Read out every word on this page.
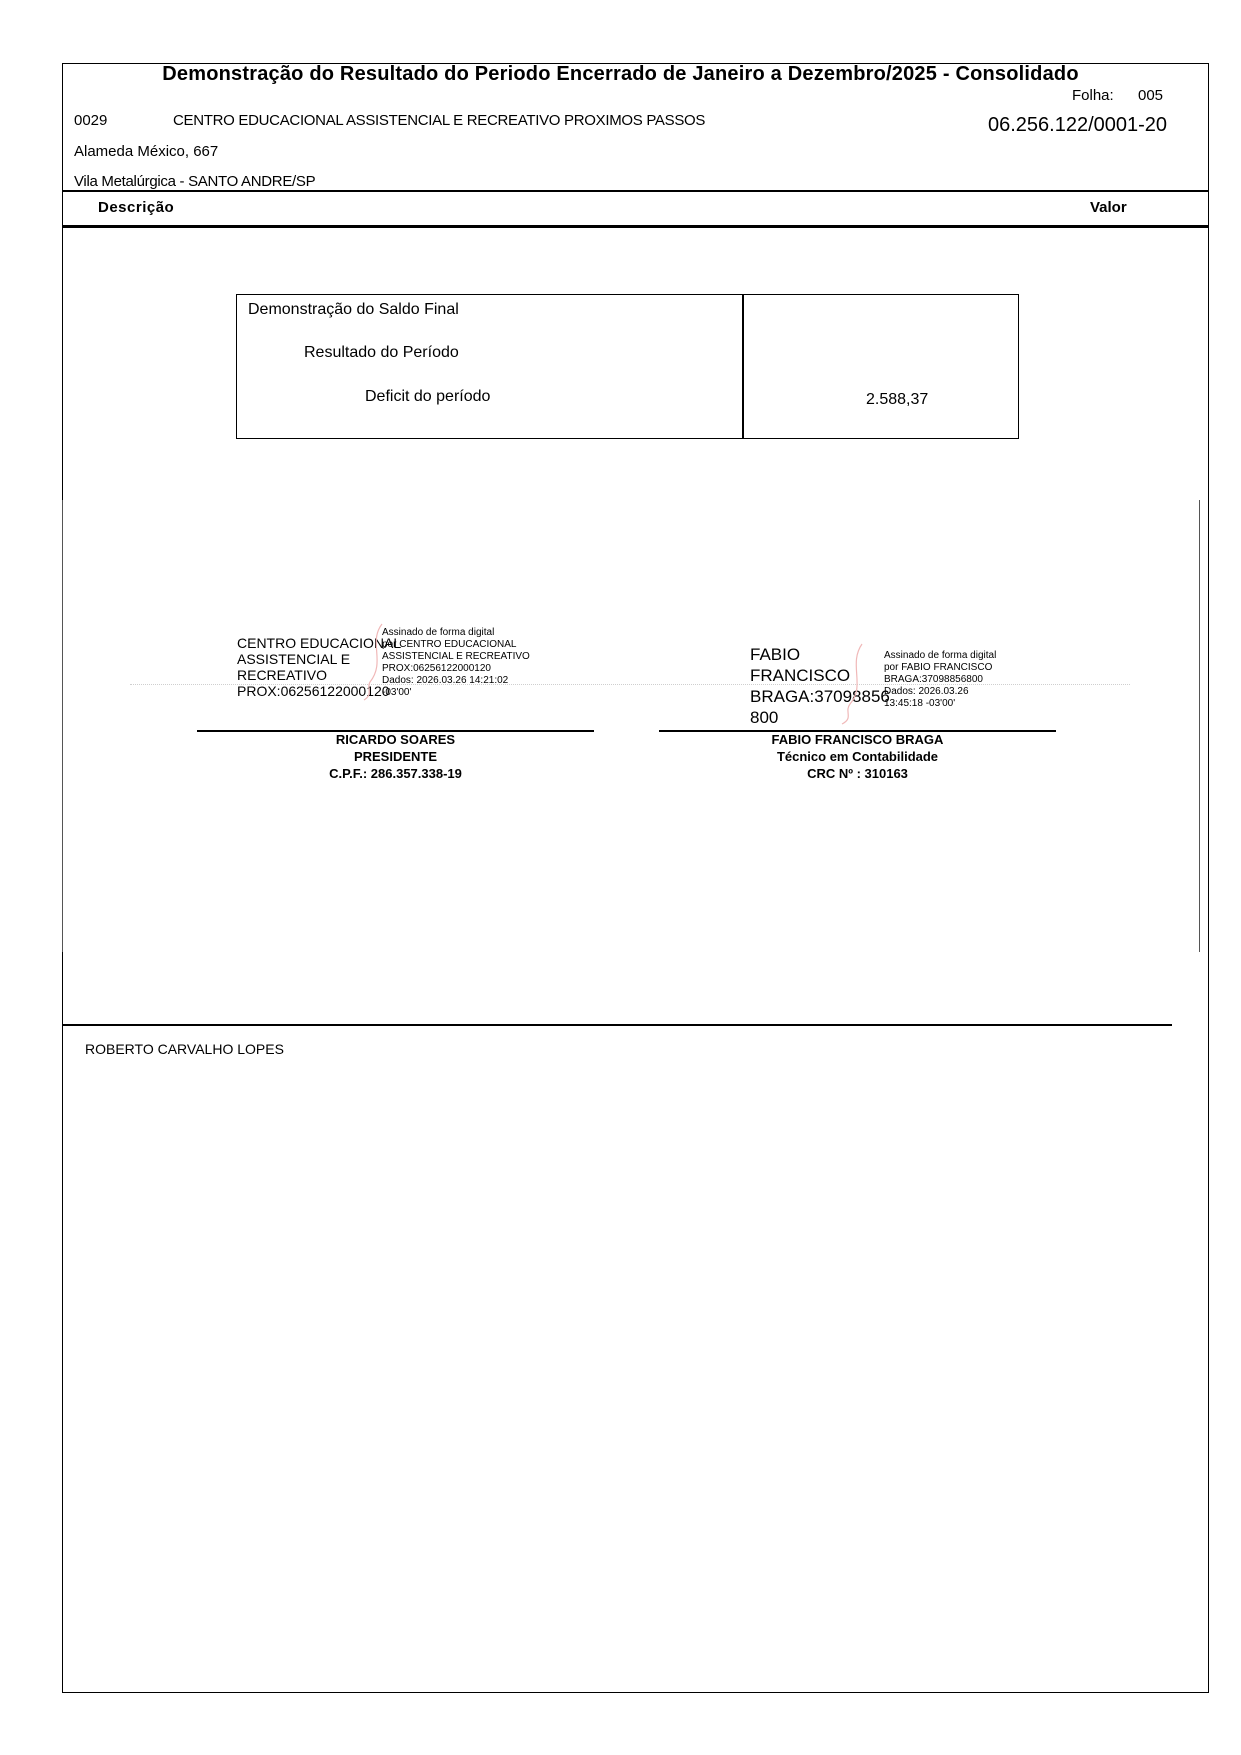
Demonstração do Resultado do Periodo Encerrado de Janeiro a Dezembro/2025 - Consolidado
Folha: 005
0029	CENTRO EDUCACIONAL ASSISTENCIAL E RECREATIVO PROXIMOS PASSOS	06.256.122/0001-20
Alameda México, 667
Vila Metalúrgica - SANTO ANDRE/SP
Descrição	Valor
Demonstração do Saldo Final
Resultado do Período
Deficit do período	2.588,37
CENTRO EDUCACIONAL
ASSISTENCIAL E
RECREATIVO
PROX:06256122000120
Assinado de forma digital
por CENTRO EDUCACIONAL
ASSISTENCIAL E RECREATIVO
PROX:06256122000120
Dados: 2026.03.26 14:21:02
-03'00'
FABIO
FRANCISCO
BRAGA:37098856
800
Assinado de forma digital
por FABIO FRANCISCO
BRAGA:37098856800
Dados: 2026.03.26
13:45:18 -03'00'
RICARDO SOARES
PRESIDENTE
C.P.F.: 286.357.338-19
FABIO FRANCISCO BRAGA
Técnico em Contabilidade
CRC Nº : 310163
ROBERTO CARVALHO LOPES
